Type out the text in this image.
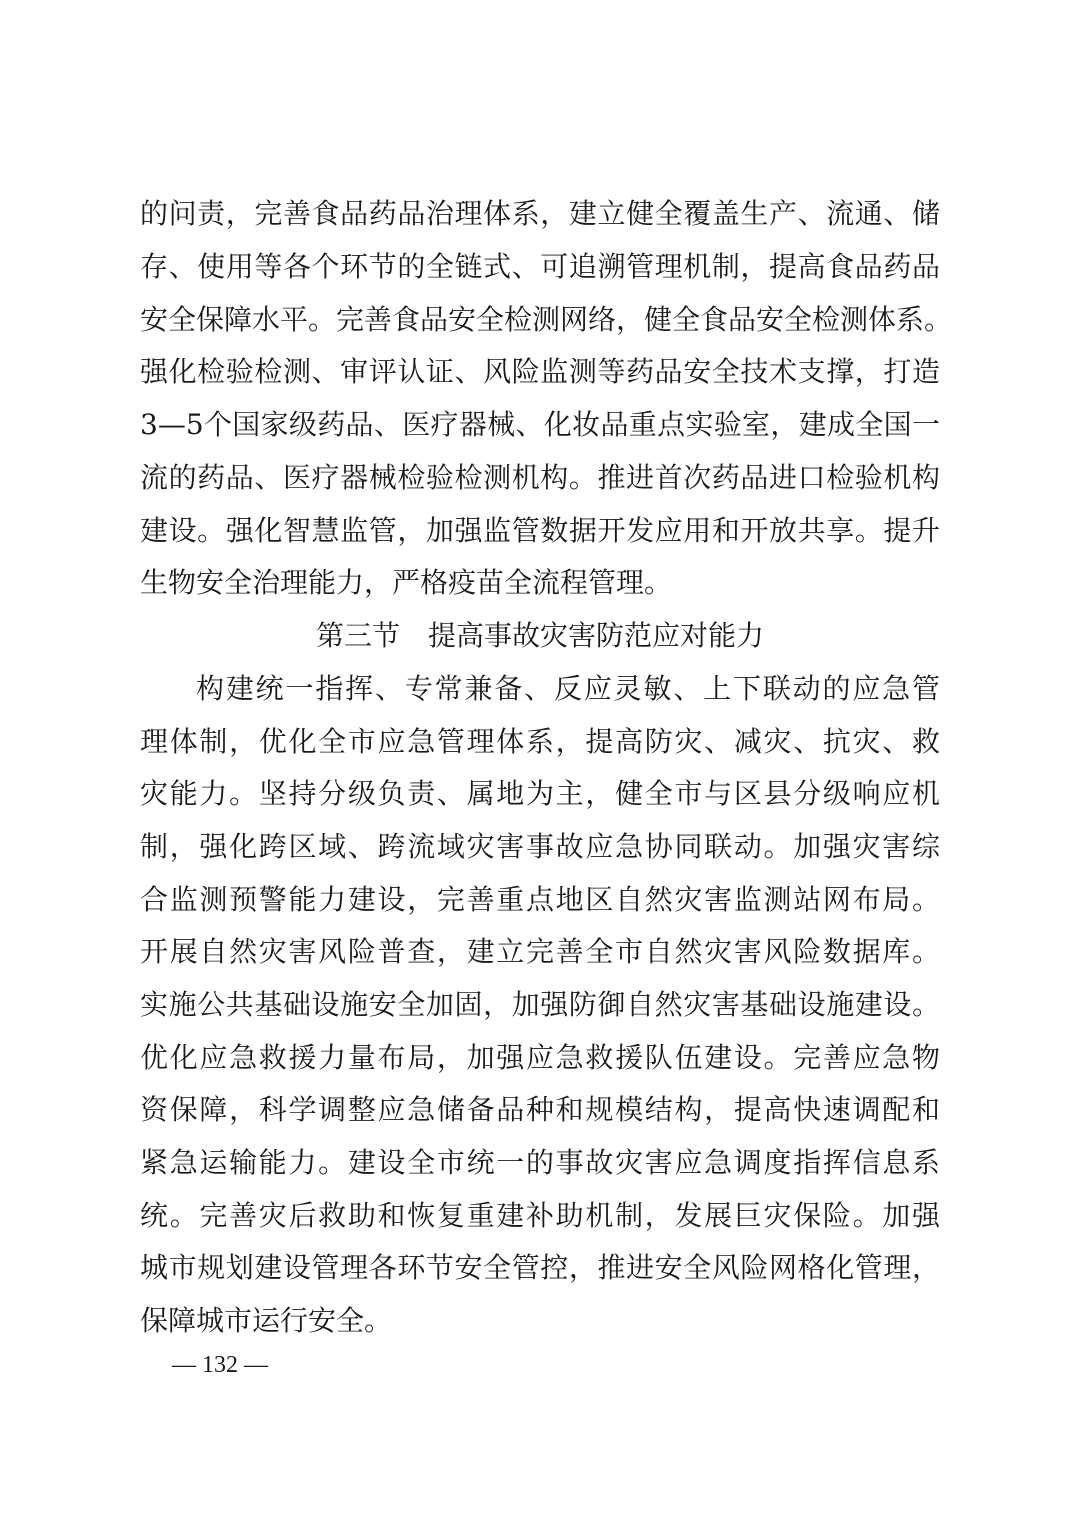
的问责，完善食品药品治理体系，建立健全覆盖生产、流通、储
存、使用等各个环节的全链式、可追溯管理机制，提高食品药品
安全保障水平。完善食品安全检测网络，健全食品安全检测体系。
强化检验检测、审评认证、风险监测等药品安全技术支撑，打造
3—5个国家级药品、医疗器械、化妆品重点实验室，建成全国一
流的药品、医疗器械检验检测机构。推进首次药品进口检验机构
建设。强化智慧监管，加强监管数据开发应用和开放共享。提升
生物安全治理能力，严格疫苗全流程管理。
第三节 提高事故灾害防范应对能力
构建统一指挥、专常兼备、反应灵敏、上下联动的应急管
理体制，优化全市应急管理体系，提高防灾、减灾、抗灾、救
灾能力。坚持分级负责、属地为主，健全市与区县分级响应机
制，强化跨区域、跨流域灾害事故应急协同联动。加强灾害综
合监测预警能力建设，完善重点地区自然灾害监测站网布局。
开展自然灾害风险普查，建立完善全市自然灾害风险数据库。
实施公共基础设施安全加固，加强防御自然灾害基础设施建设。
优化应急救援力量布局，加强应急救援队伍建设。完善应急物
资保障，科学调整应急储备品种和规模结构，提高快速调配和
紧急运输能力。建设全市统一的事故灾害应急调度指挥信息系
统。完善灾后救助和恢复重建补助机制，发展巨灾保险。加强
城市规划建设管理各环节安全管控，推进安全风险网格化管理，
保障城市运行安全。
— 132 —
